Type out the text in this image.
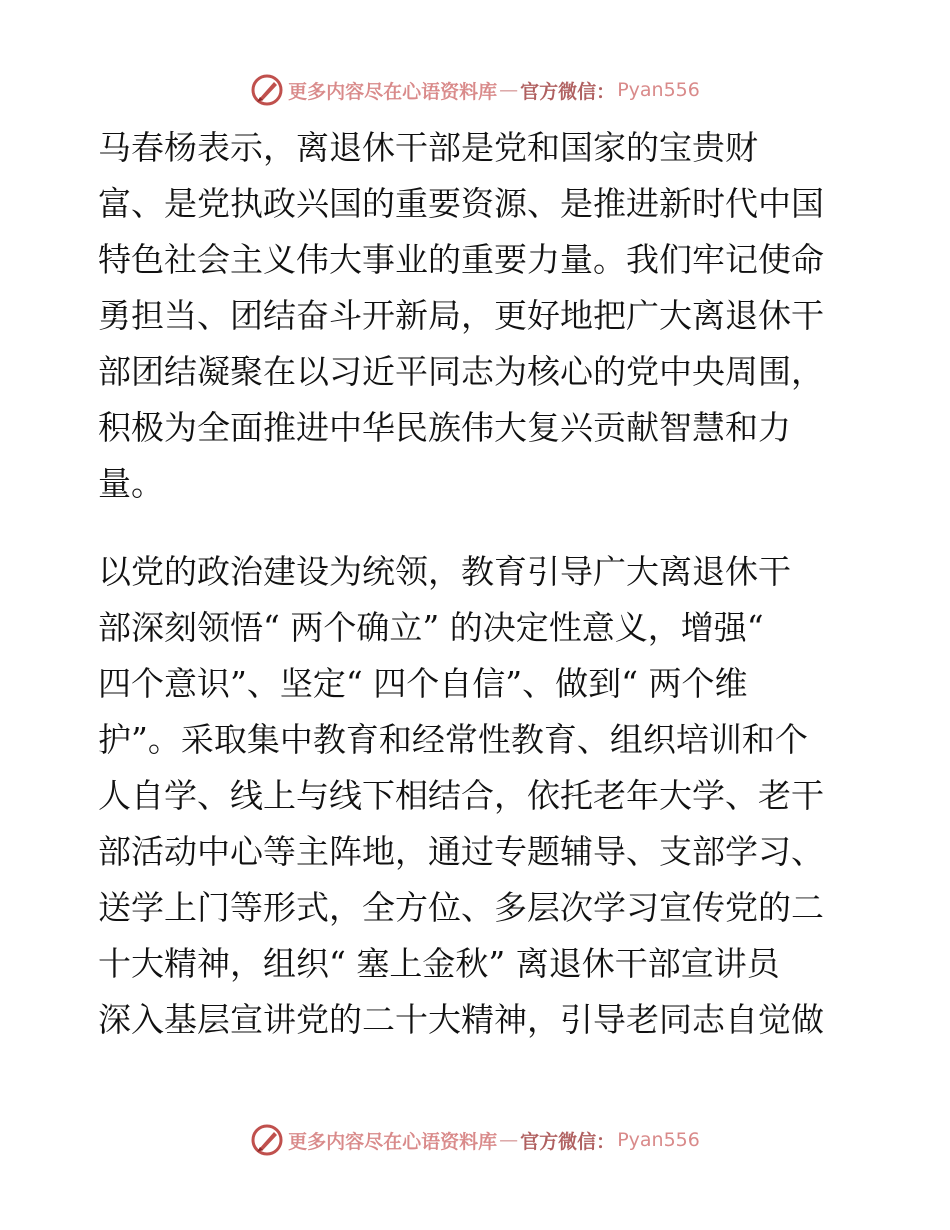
更多内容尽在心语资料库 — 官方微信： Pyan556
马春杨表示，离退休干部是党和国家的宝贵财
富、是党执政兴国的重要资源、是推进新时代中国
特色社会主义伟大事业的重要力量。我们牢记使命
勇担当、团结奋斗开新局，更好地把广大离退休干
部团结凝聚在以习近平同志为核心的党中央周围，
积极为全面推进中华民族伟大复兴贡献智慧和力
量。
以党的政治建设为统领，教育引导广大离退休干
部深刻领悟“ 两个确立” 的决定性意义，增强“
四个意识”、坚定“ 四个自信”、做到“ 两个维
护”。采取集中教育和经常性教育、组织培训和个
人自学、线上与线下相结合，依托老年大学、老干
部活动中心等主阵地，通过专题辅导、支部学习、
送学上门等形式，全方位、多层次学习宣传党的二
十大精神，组织“ 塞上金秋” 离退休干部宣讲员
深入基层宣讲党的二十大精神，引导老同志自觉做
更多内容尽在心语资料库 — 官方微信： Pyan556
